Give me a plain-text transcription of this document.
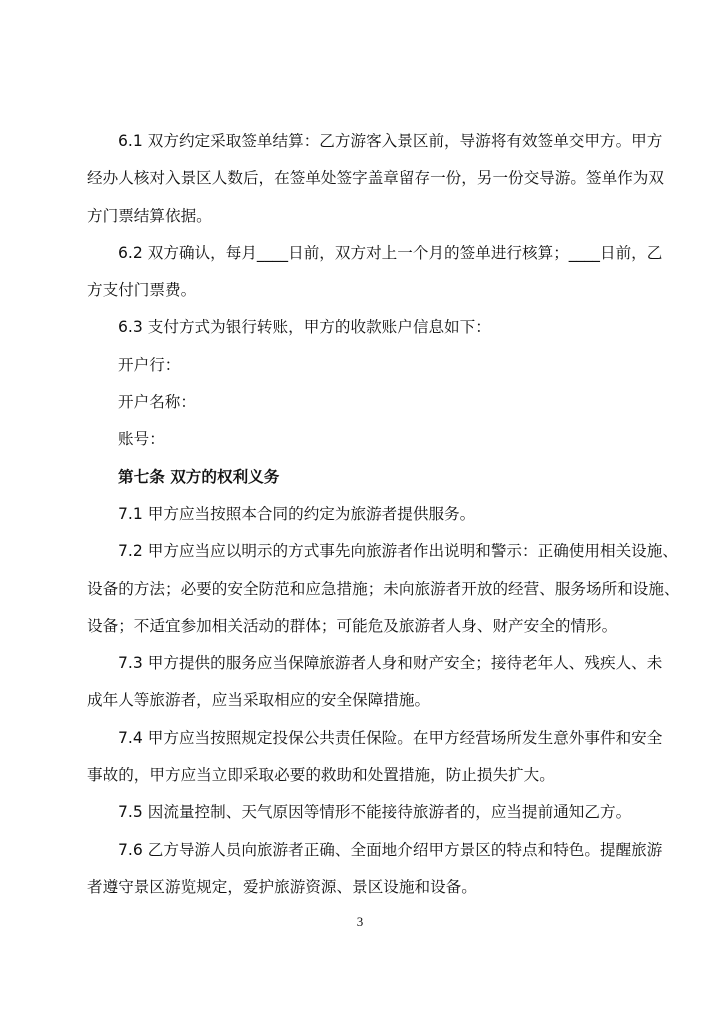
6.1 双方约定采取签单结算：乙方游客入景区前，导游将有效签单交甲方。甲方
经办人核对入景区人数后，在签单处签字盖章留存一份，另一份交导游。签单作为双
方门票结算依据。
6.2 双方确认，每月____日前，双方对上一个月的签单进行核算；____日前，乙
方支付门票费。
6.3 支付方式为银行转账，甲方的收款账户信息如下：
开户行：
开户名称：
账号：
第七条 双方的权利义务
7.1 甲方应当按照本合同的约定为旅游者提供服务。
7.2 甲方应当应以明示的方式事先向旅游者作出说明和警示：正确使用相关设施、
设备的方法；必要的安全防范和应急措施；未向旅游者开放的经营、服务场所和设施、
设备；不适宜参加相关活动的群体；可能危及旅游者人身、财产安全的情形。
7.3 甲方提供的服务应当保障旅游者人身和财产安全；接待老年人、残疾人、未
成年人等旅游者，应当采取相应的安全保障措施。
7.4 甲方应当按照规定投保公共责任保险。在甲方经营场所发生意外事件和安全
事故的，甲方应当立即采取必要的救助和处置措施，防止损失扩大。
7.5 因流量控制、天气原因等情形不能接待旅游者的，应当提前通知乙方。
7.6 乙方导游人员向旅游者正确、全面地介绍甲方景区的特点和特色。提醒旅游
者遵守景区游览规定，爱护旅游资源、景区设施和设备。
3
